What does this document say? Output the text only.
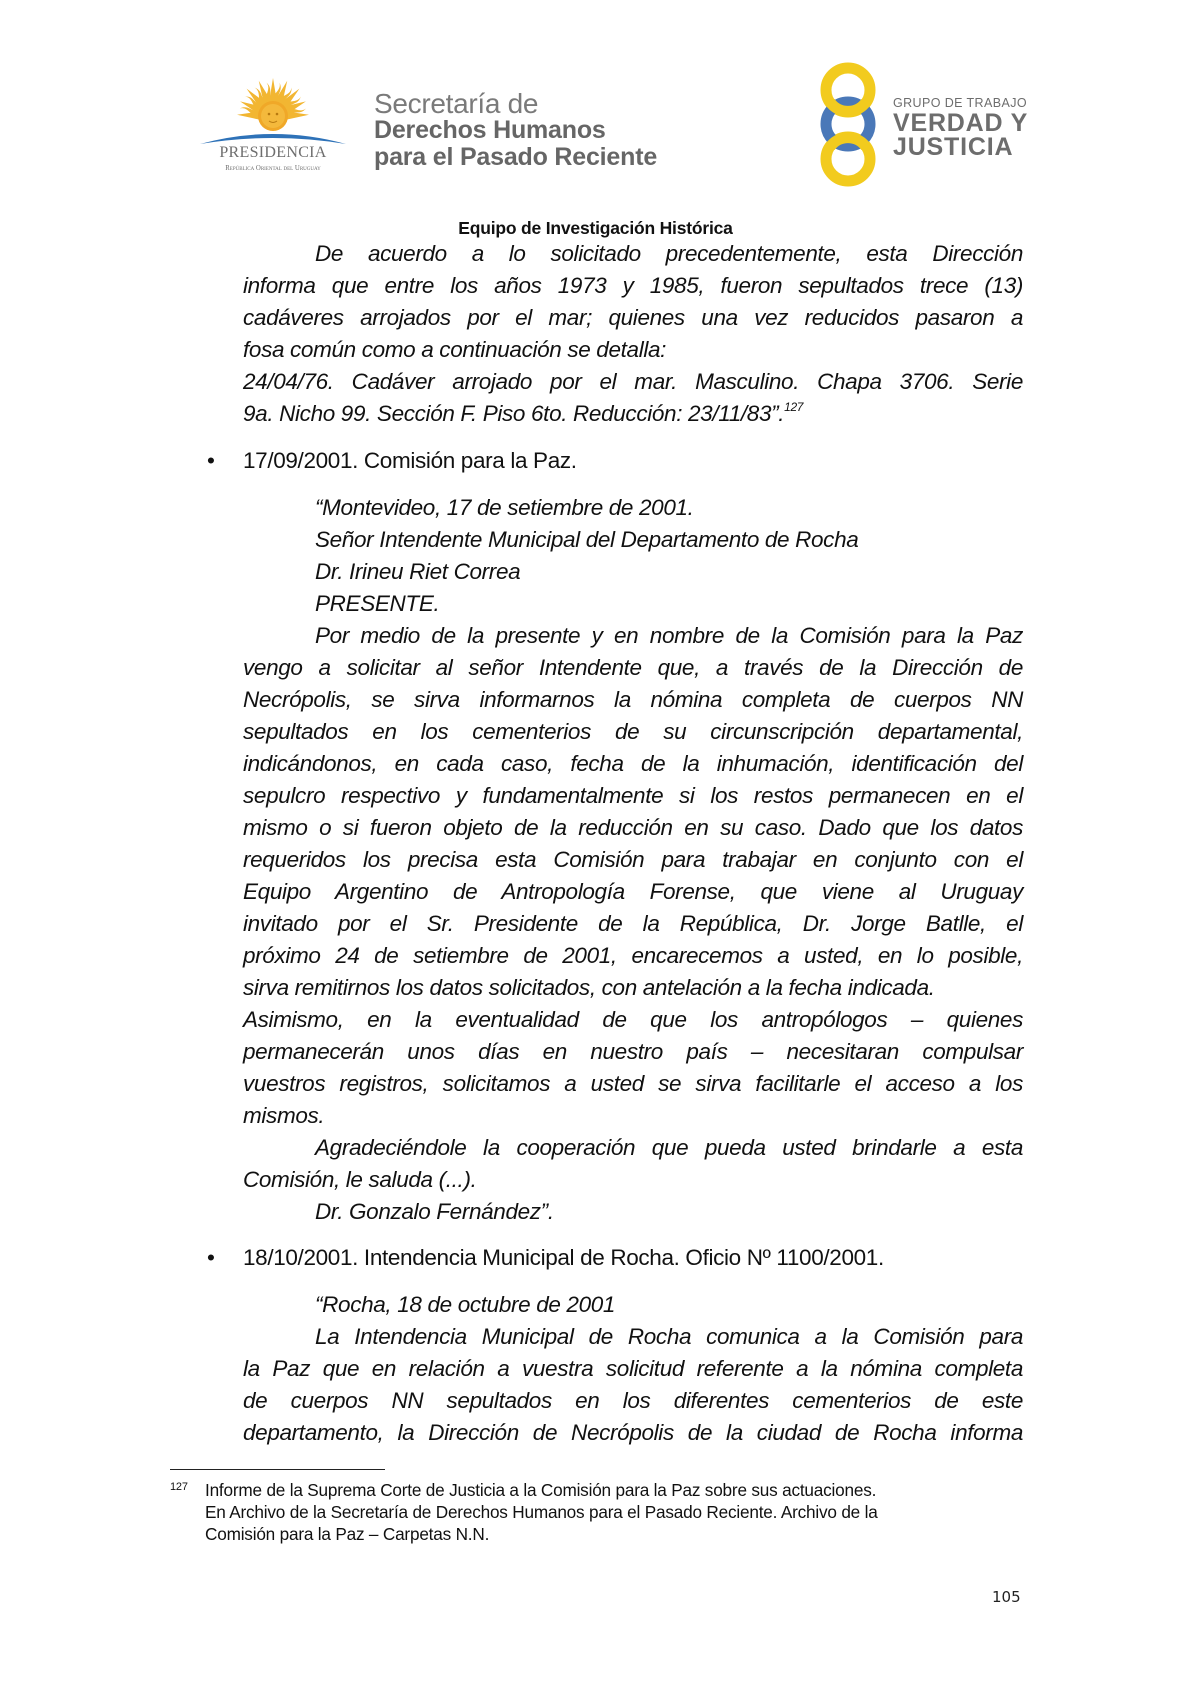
PRESIDENCIA
República Oriental del Uruguay
Secretaría de
Derechos Humanos
para el Pasado Reciente
GRUPO DE TRABAJO
VERDAD Y
JUSTICIA
Equipo de Investigación Histórica
De acuerdo a lo solicitado precedentemente, esta Dirección
informa que entre los años 1973 y 1985, fueron sepultados trece (13)
cadáveres arrojados por el mar; quienes una vez reducidos pasaron a
fosa común como a continuación se detalla:
24/04/76. Cadáver arrojado por el mar. Masculino. Chapa 3706. Serie
9a. Nicho 99. Sección F. Piso 6to. Reducción: 23/11/83”.$^{127}$
• 17/09/2001. Comisión para la Paz.
“Montevideo, 17 de setiembre de 2001.
Señor Intendente Municipal del Departamento de Rocha
Dr. Irineu Riet Correa
PRESENTE.
Por medio de la presente y en nombre de la Comisión para la Paz
vengo a solicitar al señor Intendente que, a través de la Dirección de
Necrópolis, se sirva informarnos la nómina completa de cuerpos NN
sepultados en los cementerios de su circunscripción departamental,
indicándonos, en cada caso, fecha de la inhumación, identificación del
sepulcro respectivo y fundamentalmente si los restos permanecen en el
mismo o si fueron objeto de la reducción en su caso. Dado que los datos
requeridos los precisa esta Comisión para trabajar en conjunto con el
Equipo Argentino de Antropología Forense, que viene al Uruguay
invitado por el Sr. Presidente de la República, Dr. Jorge Batlle, el
próximo 24 de setiembre de 2001, encarecemos a usted, en lo posible,
sirva remitirnos los datos solicitados, con antelación a la fecha indicada.
Asimismo, en la eventualidad de que los antropólogos – quienes
permanecerán unos días en nuestro país – necesitaran compulsar
vuestros registros, solicitamos a usted se sirva facilitarle el acceso a los
mismos.
Agradeciéndole la cooperación que pueda usted brindarle a esta
Comisión, le saluda (...).
Dr. Gonzalo Fernández”.
• 18/10/2001. Intendencia Municipal de Rocha. Oficio Nº 1100/2001.
“Rocha, 18 de octubre de 2001
La Intendencia Municipal de Rocha comunica a la Comisión para
la Paz que en relación a vuestra solicitud referente a la nómina completa
de cuerpos NN sepultados en los diferentes cementerios de este
departamento, la Dirección de Necrópolis de la ciudad de Rocha informa
127 Informe de la Suprema Corte de Justicia a la Comisión para la Paz sobre sus actuaciones.
En Archivo de la Secretaría de Derechos Humanos para el Pasado Reciente. Archivo de la
Comisión para la Paz – Carpetas N.N.
105
